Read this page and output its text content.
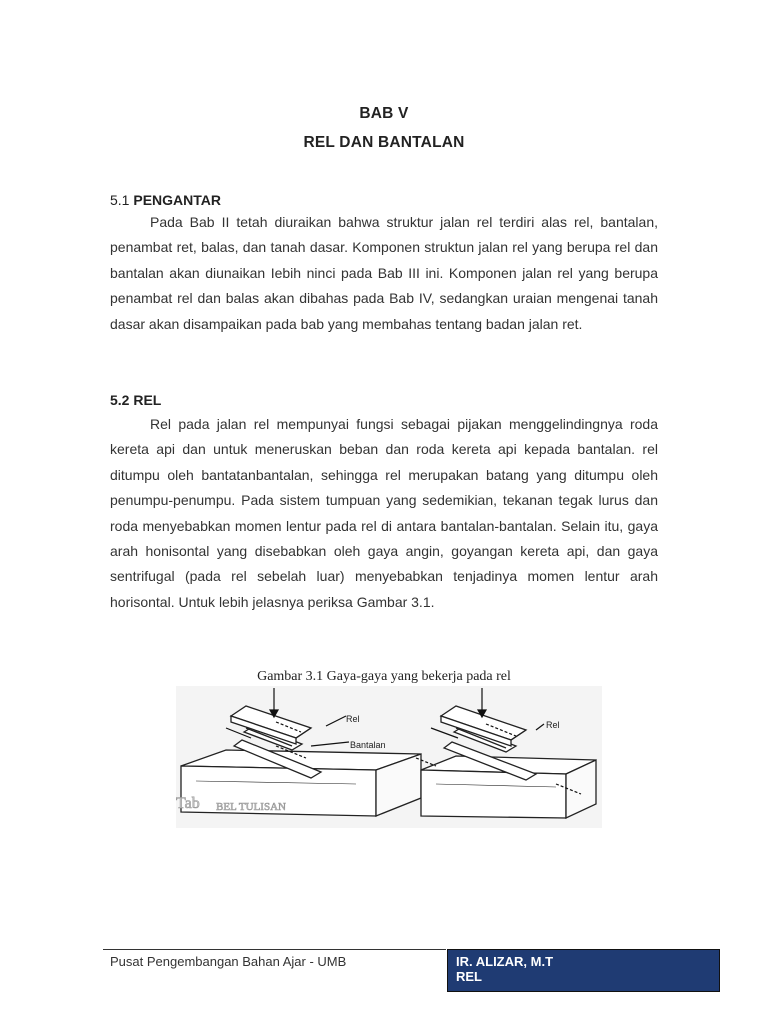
BAB V
REL DAN BANTALAN
5.1 PENGANTAR

Pada Bab II tetah diuraikan bahwa struktur jalan rel terdiri alas rel, bantalan, penambat ret, balas, dan tanah dasar. Komponen struktun jalan rel yang berupa rel dan bantalan akan diunaikan Iebih ninci pada Bab III ini. Komponen jalan rel yang berupa penambat rel dan balas akan dibahas pada Bab IV, sedangkan uraian mengenai tanah dasar akan disampaikan pada bab yang membahas tentang badan jalan ret.

5.2 REL

Rel pada jalan rel mempunyai fungsi sebagai pijakan menggelindingnya roda kereta api dan untuk meneruskan beban dan roda kereta api kepada bantalan. rel ditumpu oleh bantatanbantalan, sehingga rel merupakan batang yang ditumpu oleh penumpu-penumpu. Pada sistem tumpuan yang sedemikian, tekanan tegak lurus dan roda menyebabkan momen lentur pada rel di antara bantalan-bantalan. Selain itu, gaya arah honisontal yang disebabkan oleh gaya angin, goyangan kereta api, dan gaya sentrifugal (pada rel sebelah luar) menyebabkan tenjadinya momen lentur arah horisontal. Untuk lebih jelasnya periksa Gambar 3.1.

Gambar 3.1 Gaya-gaya yang bekerja pada rel
Tab BEL TULISAN
Rel
Bantalan
Rel
Pusat Pengembangan Bahan Ajar - UMB	IR. ALIZAR, M.T
REL
